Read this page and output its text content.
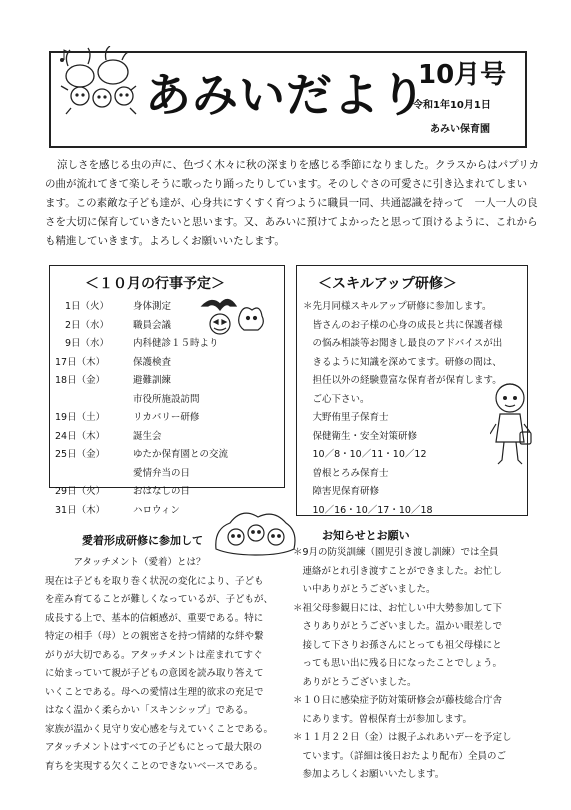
あみいだより
10月号
令和1年10月1日
あみい保育園
涼しさを感じる虫の声に、色づく木々に秋の深まりを感じる季節になりました。クラスからはパプリカ
の曲が流れてきて楽しそうに歌ったり踊ったりしています。そのしぐさの可愛さに引き込まれてしまい
ます。この素敵な子ども達が、心身共にすくすく育つように職員一同、共通認識を持って　一人一人の良
さを大切に保育していきたいと思います。又、あみいに預けてよかったと思って頂けるように、これから
も精進していきます。よろしくお願いいたします。
＜１０月の行事予定＞
1日（火）	身体測定
2日（水）	職員会議
9日（水）	内科健診１５時より
17日（木）	保護検査
18日（金）	避難訓練
市役所施設訪問
19日（土）	リカバリー研修
24日（木）	誕生会
25日（金）	ゆたか保育園との交流
愛情弁当の日
29日（火）	おはなしの日
31日（木）	ハロウィン
＜スキルアップ研修＞
＊先月同様スキルアップ研修に参加します。
　皆さんのお子様の心身の成長と共に保護者様
　の悩み相談等お聞きし最良のアドバイスが出
　きるように知識を深めてます。研修の間は、
　担任以外の経験豊富な保育者が保育します。
　ご心下さい。
　大野侑里子保育士
　保健衛生・安全対策研修
　10／8・10／11・10／12
　曽根とろみ保育士
　障害児保育研修
　10／16・10／17・10／18
愛着形成研修に参加して
　　　アタッチメント（愛着）とは？
現在は子どもを取り巻く状況の変化により、子ども
を産み育てることが難しくなっているが、子どもが、
成長する上で、基本的信頼感が、重要である。特に
特定の相手（母）との親密さを持つ情緒的な絆や繋
がりが大切である。アタッチメントは産まれてすぐ
に始まっていて親が子どもの意図を読み取り答えて
いくことである。母への愛情は生理的欲求の充足で
はなく温かく柔らかい「スキンシップ」である。
家族が温かく見守り安心感を与えていくことである。
アタッチメントはすべての子どもにとって最大限の
育ちを実現する欠くことのできないベースである。
お知らせとお願い
＊9月の防災訓練（園児引き渡し訓練）では全員
　連絡がとれ引き渡すことができました。お忙し
　い中ありがとうございました。
＊祖父母参観日には、お忙しい中大勢参加して下
　さりありがとうございました。温かい眼差しで
　接して下さりお孫さんにとっても祖父母様にと
　っても思い出に残る日になったことでしょう。
　ありがとうございました。
＊１０日に感染症予防対策研修会が藤枝総合庁舎
　にあります。曽根保育士が参加します。
＊１１月２２日（金）は親子ふれあいデーを予定し
　ています。（詳細は後日おたより配布）全員のご
　参加よろしくお願いいたします。
